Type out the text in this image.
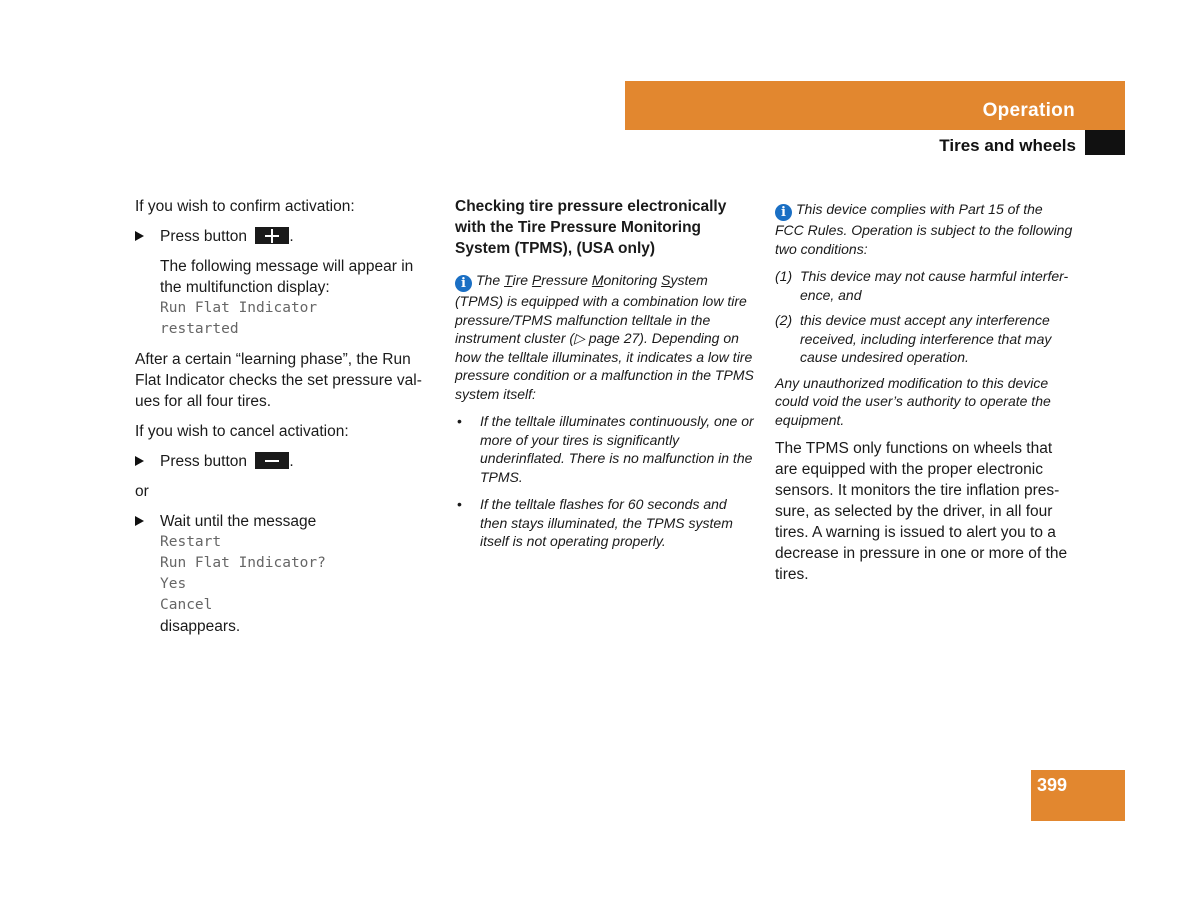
Operation
Tires and wheels

If you wish to confirm activation:

Press button	.
The following message will appear in the multifunction display:
Run Flat Indicator
restarted

After a certain “learning phase”, the Run Flat Indicator checks the set pressure val-ues for all four tires.

If you wish to cancel activation:

Press button	.

or

Wait until the message
Restart
Run Flat Indicator?
Yes
Cancel
disappears.
Checking tire pressure electronically with the Tire Pressure Monitoring System (TPMS), (USA only)

i The Tire Pressure Monitoring System (TPMS) is equipped with a combination low tire pressure/TPMS malfunction telltale in the instrument cluster (▷ page 27). Depending on how the telltale illuminates, it indicates a low tire pressure condition or a malfunction in the TPMS system itself:

• If the telltale illuminates continuously, one or more of your tires is significantly underinflated. There is no malfunction in the TPMS.
• If the telltale flashes for 60 seconds and then stays illuminated, the TPMS system itself is not operating properly.

i This device complies with Part 15 of the FCC Rules. Operation is subject to the following two conditions:

(1) This device may not cause harmful interfer-ence, and
(2) this device must accept any interference received, including interference that may cause undesired operation.

Any unauthorized modification to this device could void the user’s authority to operate the equipment.

The TPMS only functions on wheels that are equipped with the proper electronic sensors. It monitors the tire inflation pres-sure, as selected by the driver, in all four tires. A warning is issued to alert you to a decrease in pressure in one or more of the tires.

399
